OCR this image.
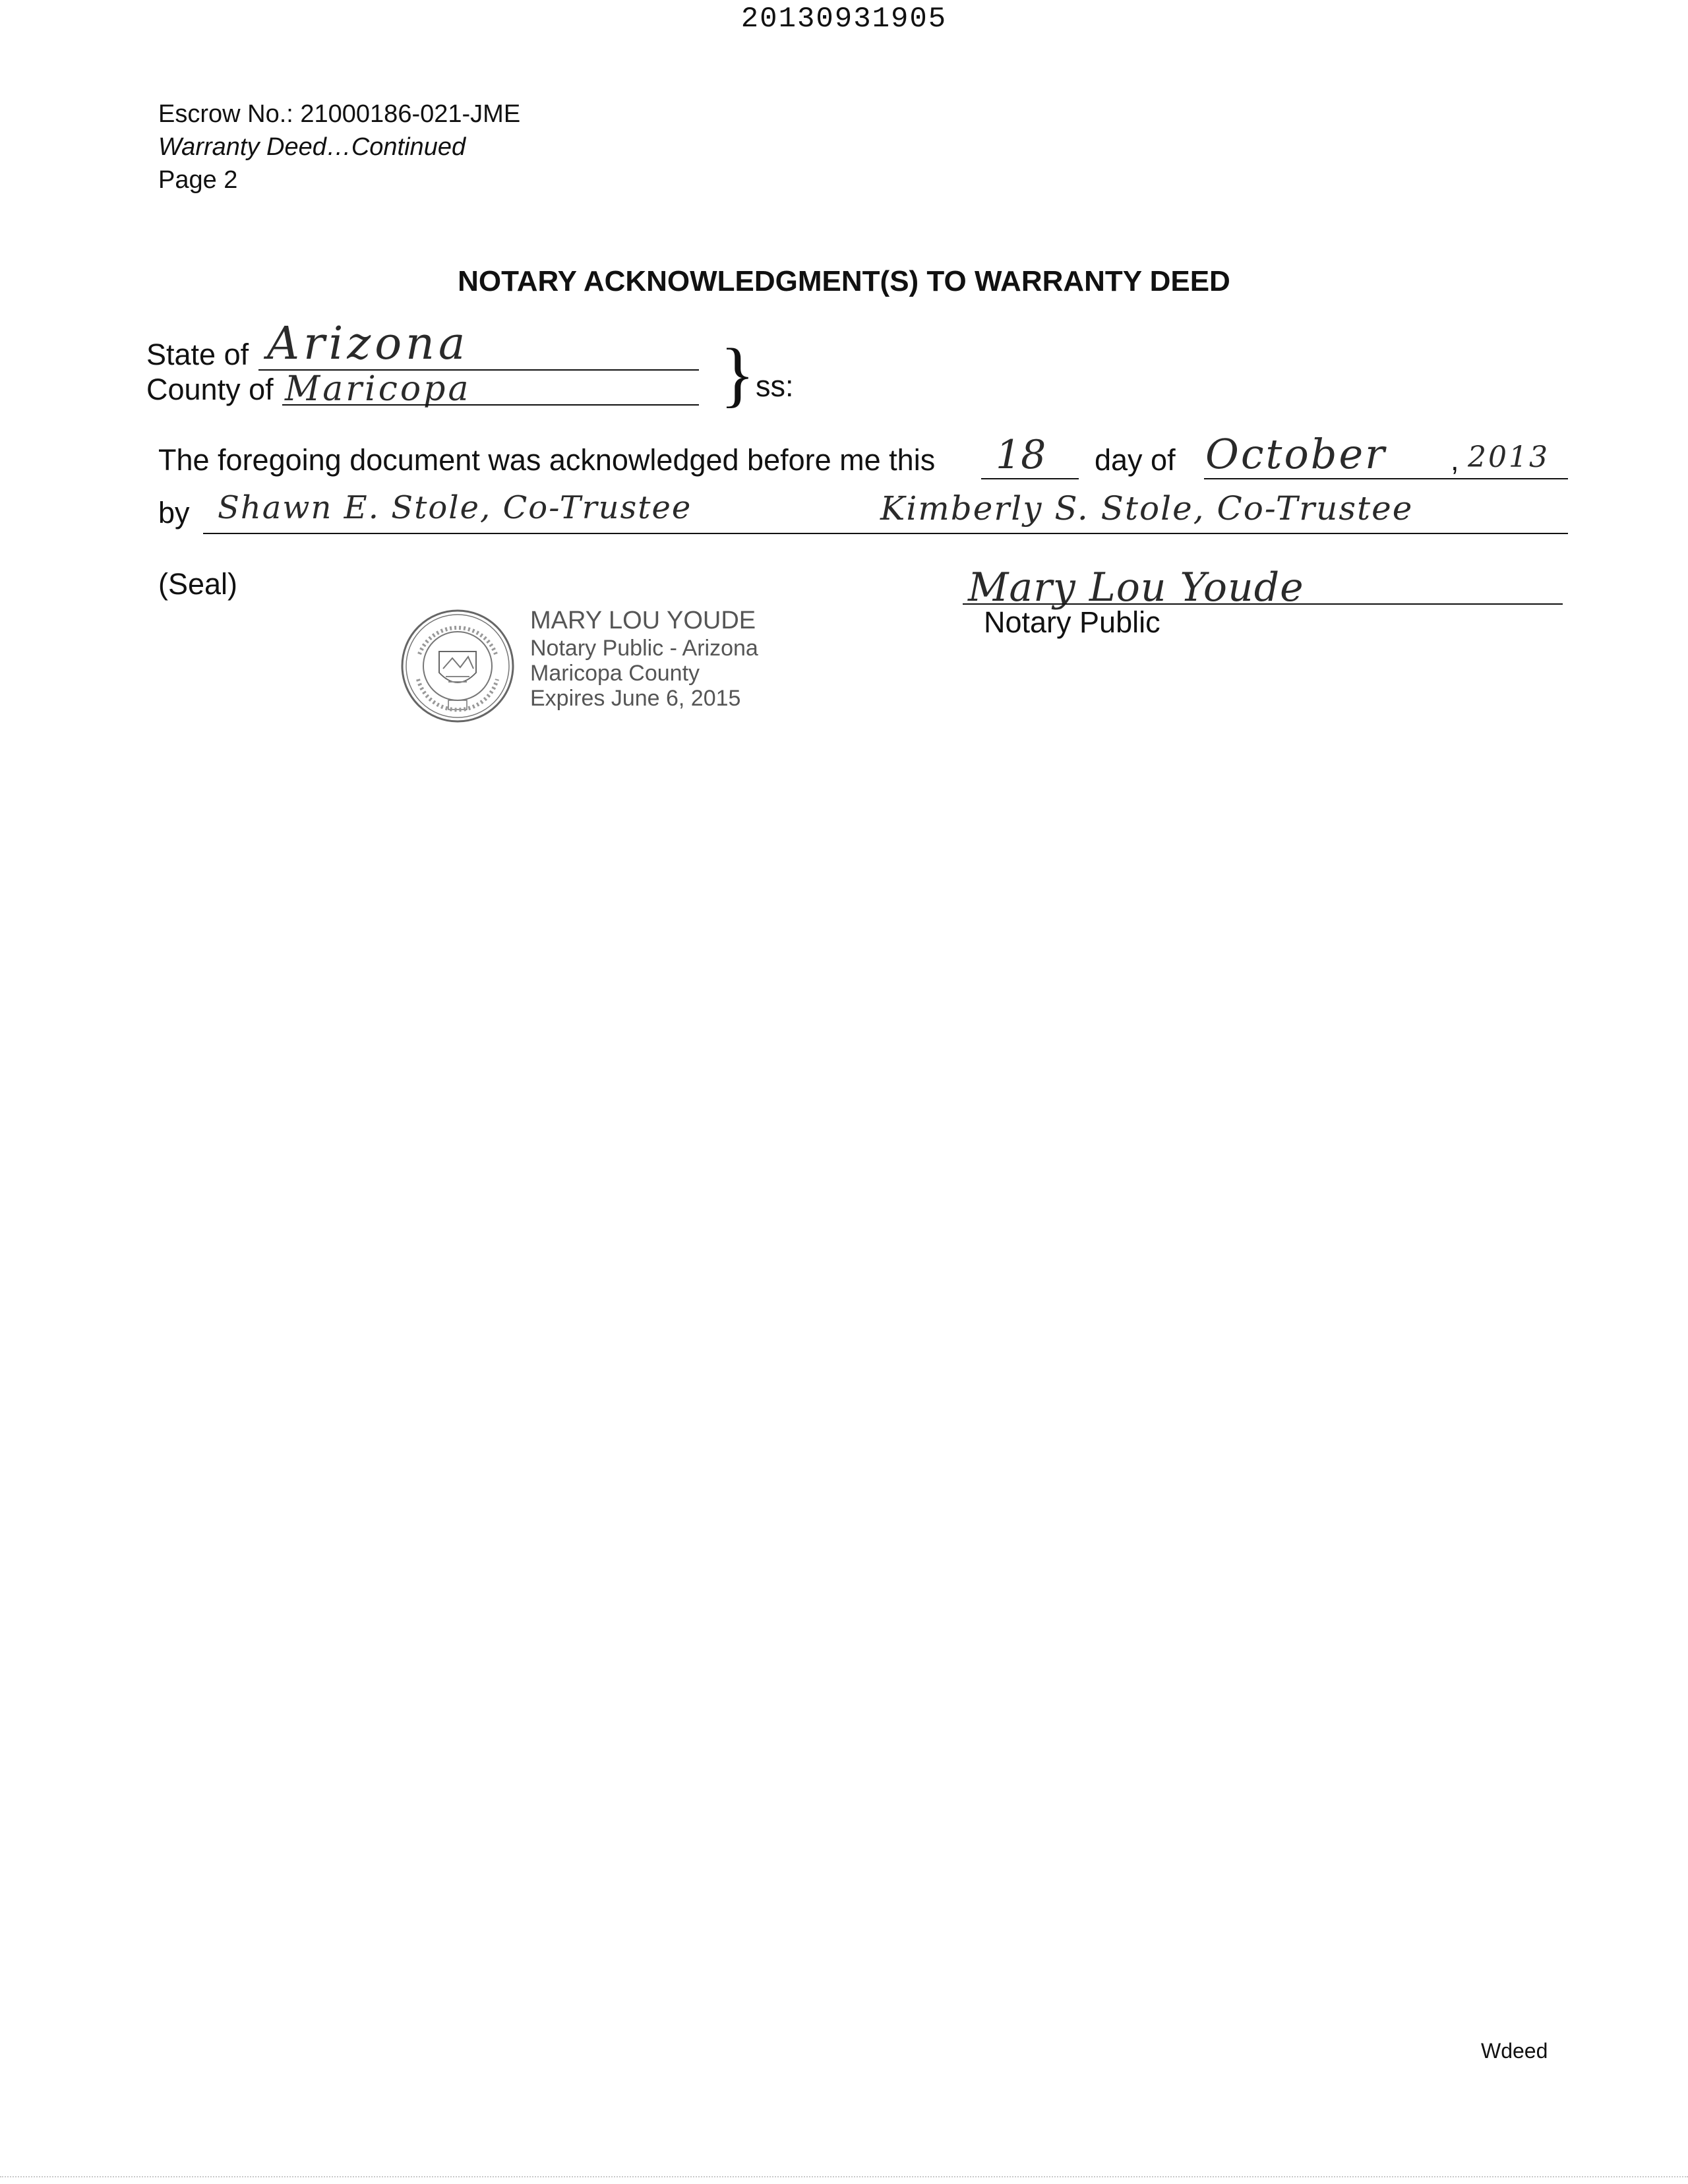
20130931905
Escrow No.: 21000186-021-JME
Warranty Deed…Continued
Page 2
NOTARY ACKNOWLEDGMENT(S) TO WARRANTY DEED
State of Arizona
County of Maricopa	} ss:
The foregoing document was acknowledged before me this 18 day of October , 2013
by Shawn E. Stole, Co-Trustee	Kimberly S. Stole, Co-Trustee
(Seal)
MARY LOU YOUDE
Notary Public - Arizona
Maricopa County
Expires June 6, 2015
Mary Lou Youde
Notary Public
Wdeed
